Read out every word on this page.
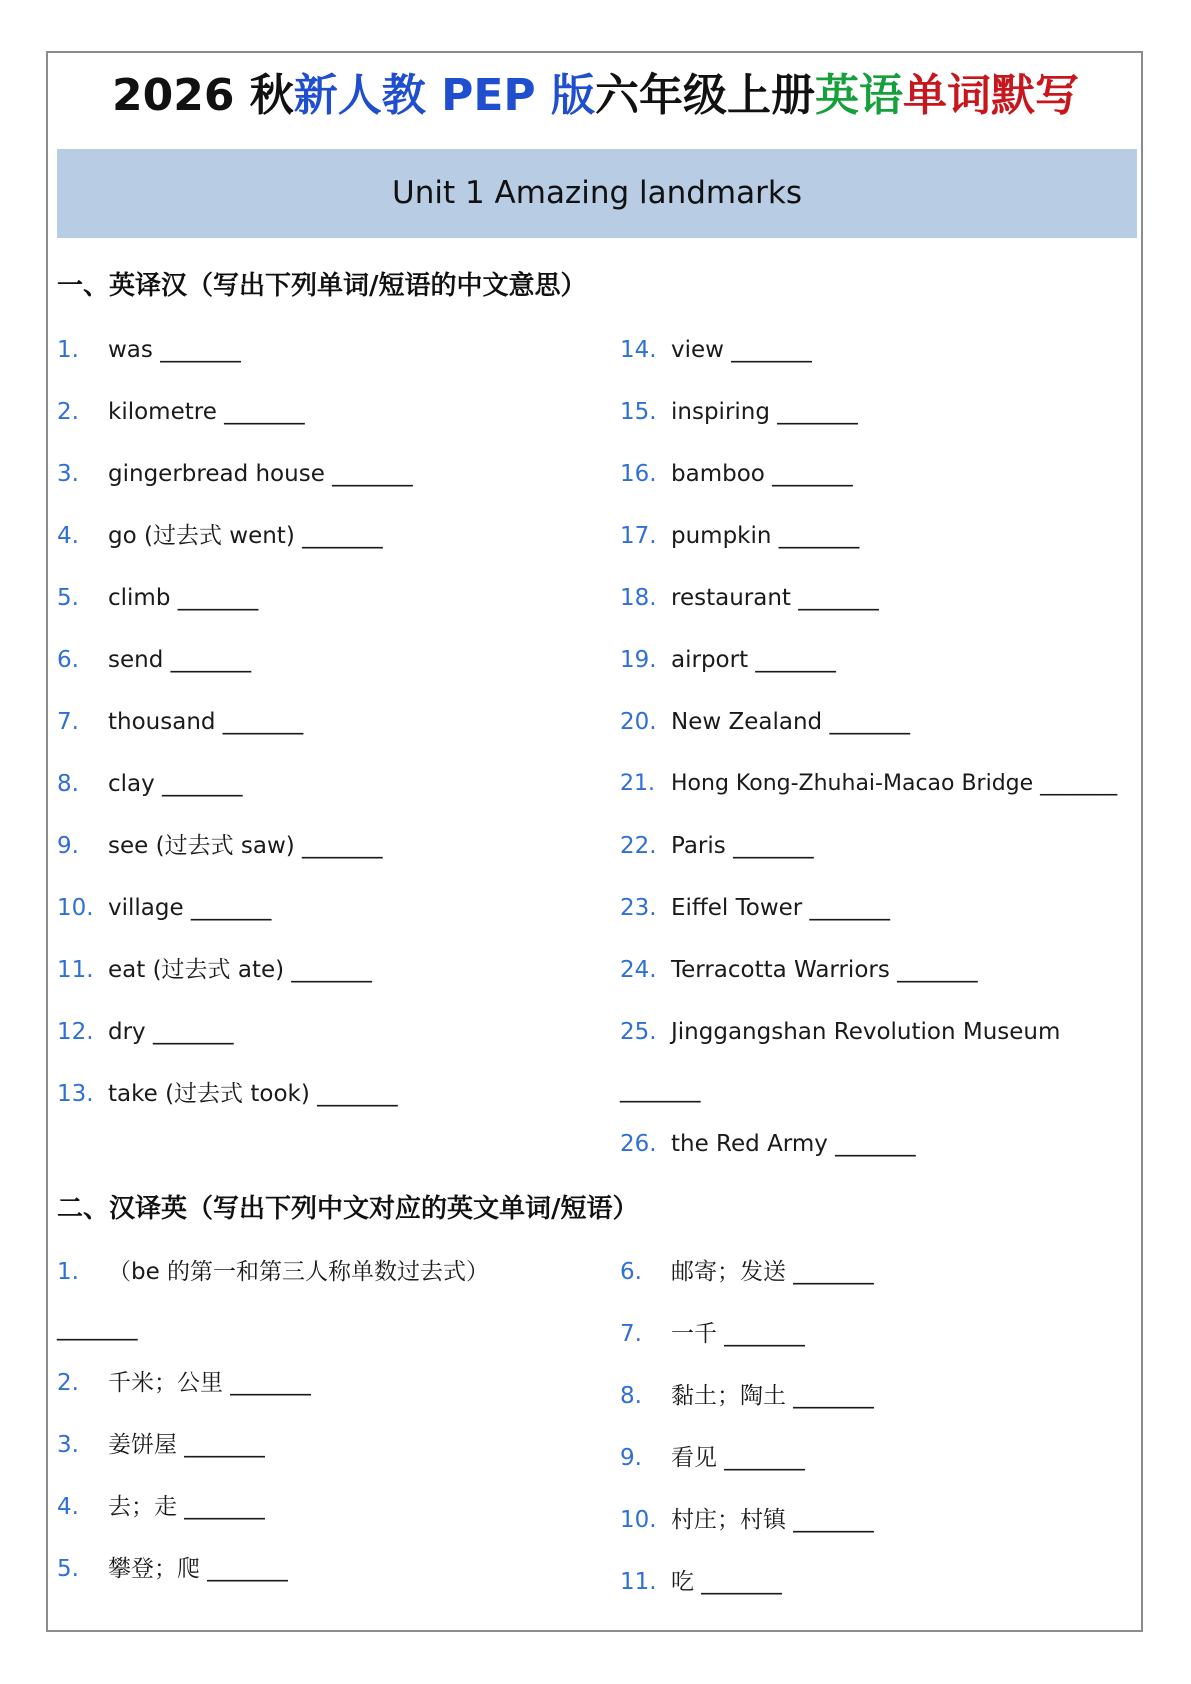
2026 秋新人教 PEP 版六年级上册英语单词默写
Unit 1 Amazing landmarks
一、英译汉（写出下列单词/短语的中文意思）
1. was _______
2. kilometre _______
3. gingerbread house _______
4. go (过去式 went) _______
5. climb _______
6. send _______
7. thousand _______
8. clay _______
9. see (过去式 saw) _______
10. village _______
11. eat (过去式 ate) _______
12. dry _______
13. take (过去式 took) _______
14. view _______
15. inspiring _______
16. bamboo _______
17. pumpkin _______
18. restaurant _______
19. airport _______
20. New Zealand _______
21. Hong Kong-Zhuhai-Macao Bridge _______
22. Paris _______
23. Eiffel Tower _______
24. Terracotta Warriors _______
25. Jinggangshan Revolution Museum
_______
26. the Red Army _______
二、汉译英（写出下列中文对应的英文单词/短语）
1. （be 的第一和第三人称单数过去式）
_______
2. 千米；公里 _______
3. 姜饼屋 _______
4. 去；走 _______
5. 攀登；爬 _______
6. 邮寄；发送 _______
7. 一千 _______
8. 黏土；陶土 _______
9. 看见 _______
10. 村庄；村镇 _______
11. 吃 _______
